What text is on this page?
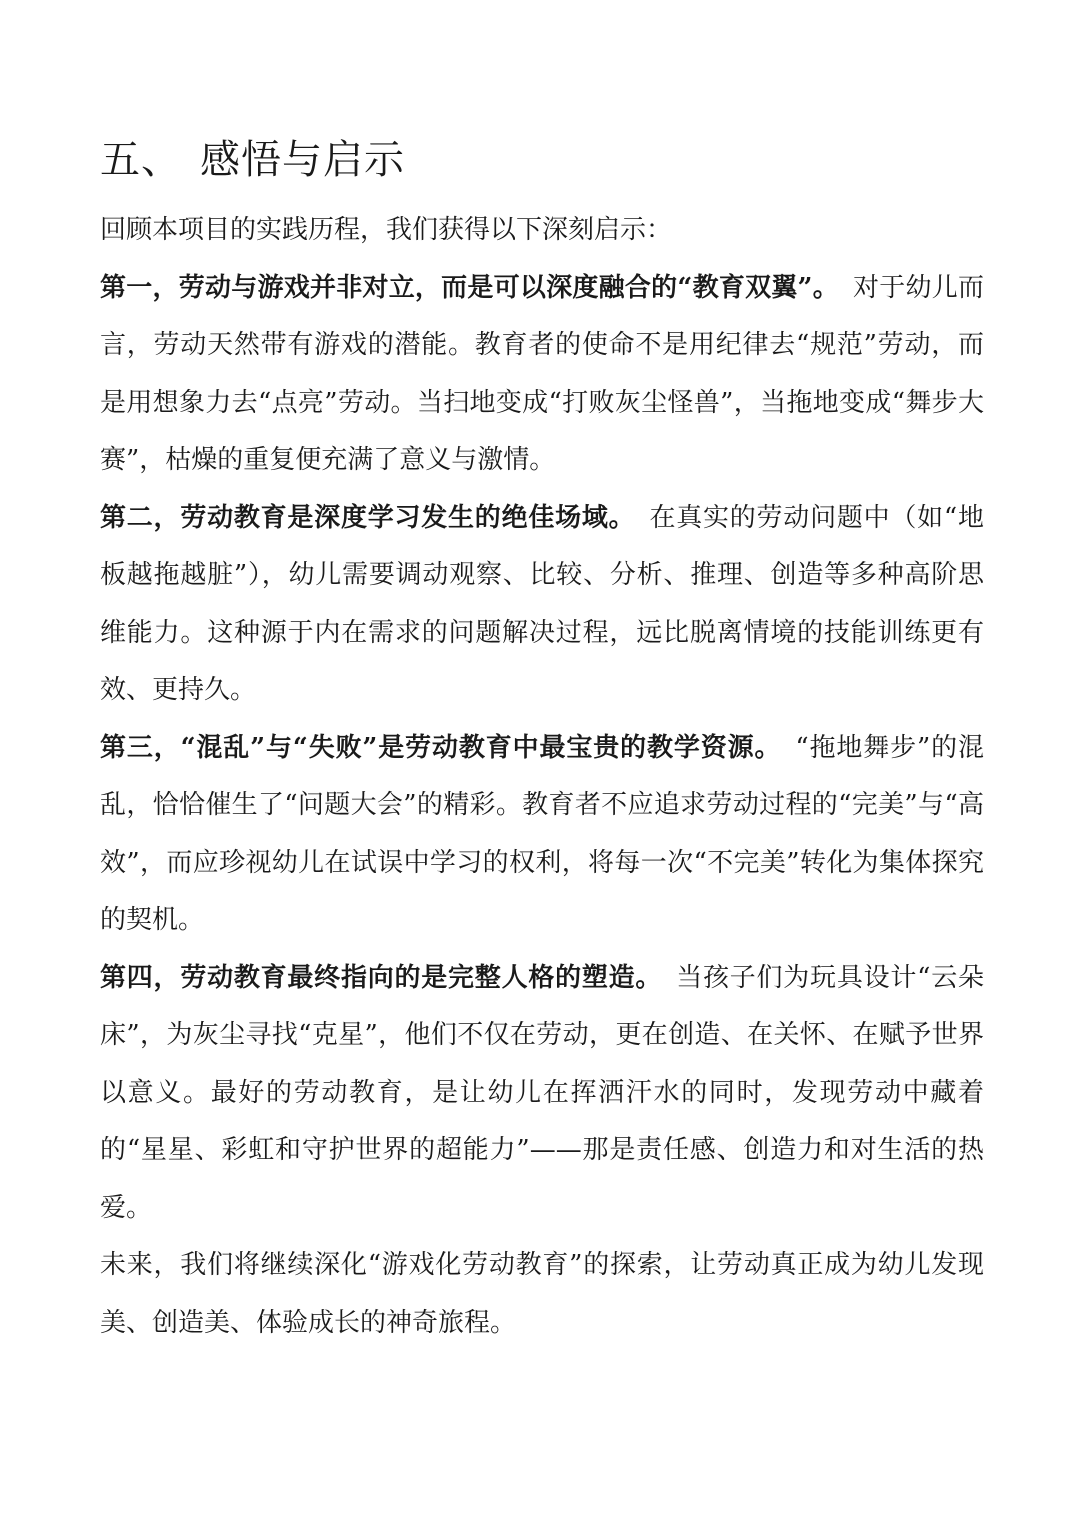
五、 感悟与启示

回顾本项目的实践历程，我们获得以下深刻启示：

第一，劳动与游戏并非对立，而是可以深度融合的“教育双翼”。 对于幼儿而言，劳动天然带有游戏的潜能。教育者的使命不是用纪律去“规范”劳动，而是用想象力去“点亮”劳动。当扫地变成“打败灰尘怪兽”，当拖地变成“舞步大赛”，枯燥的重复便充满了意义与激情。

第二，劳动教育是深度学习发生的绝佳场域。 在真实的劳动问题中（如“地板越拖越脏”），幼儿需要调动观察、比较、分析、推理、创造等多种高阶思维能力。这种源于内在需求的问题解决过程，远比脱离情境的技能训练更有效、更持久。

第三，“混乱”与“失败”是劳动教育中最宝贵的教学资源。 “拖地舞步”的混乱，恰恰催生了“问题大会”的精彩。教育者不应追求劳动过程的“完美”与“高效”，而应珍视幼儿在试误中学习的权利，将每一次“不完美”转化为集体探究的契机。

第四，劳动教育最终指向的是完整人格的塑造。 当孩子们为玩具设计“云朵床”，为灰尘寻找“克星”，他们不仅在劳动，更在创造、在关怀、在赋予世界以意义。最好的劳动教育，是让幼儿在挥洒汗水的同时，发现劳动中藏着的“星星、彩虹和守护世界的超能力”——那是责任感、创造力和对生活的热爱。

未来，我们将继续深化“游戏化劳动教育”的探索，让劳动真正成为幼儿发现美、创造美、体验成长的神奇旅程。
